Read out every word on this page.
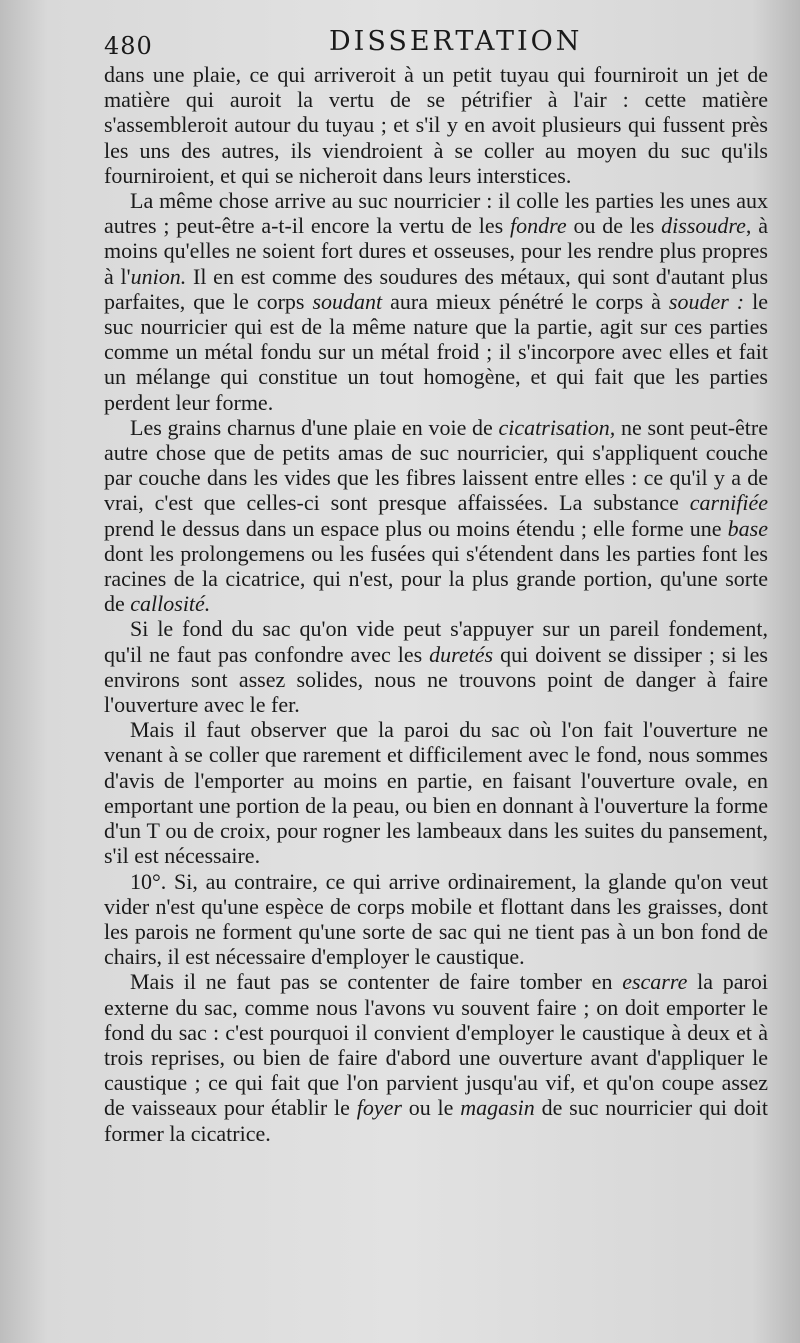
480	DISSERTATION

dans une plaie, ce qui arriveroit à un petit tuyau qui fourniroit un jet de matière qui auroit la vertu de se pétrifier à l'air : cette matière s'assembleroit autour du tuyau ; et s'il y en avoit plusieurs qui fussent près les uns des autres, ils viendroient à se coller au moyen du suc qu'ils fourniroient, et qui se nicheroit dans leurs interstices.

La même chose arrive au suc nourricier : il colle les parties les unes aux autres ; peut-être a-t-il encore la vertu de les fondre ou de les dissoudre, à moins qu'elles ne soient fort dures et osseuses, pour les rendre plus propres à l'union. Il en est comme des soudures des métaux, qui sont d'autant plus parfaites, que le corps soudant aura mieux pénétré le corps à souder : le suc nourricier qui est de la même nature que la partie, agit sur ces parties comme un métal fondu sur un métal froid ; il s'incorpore avec elles et fait un mélange qui constitue un tout homogène, et qui fait que les parties perdent leur forme.

Les grains charnus d'une plaie en voie de cicatrisation, ne sont peut-être autre chose que de petits amas de suc nourricier, qui s'appliquent couche par couche dans les vides que les fibres laissent entre elles : ce qu'il y a de vrai, c'est que celles-ci sont presque affaissées. La substance carnifiée prend le dessus dans un espace plus ou moins étendu ; elle forme une base dont les prolongemens ou les fusées qui s'étendent dans les parties font les racines de la cicatrice, qui n'est, pour la plus grande portion, qu'une sorte de callosité.

Si le fond du sac qu'on vide peut s'appuyer sur un pareil fondement, qu'il ne faut pas confondre avec les duretés qui doivent se dissiper ; si les environs sont assez solides, nous ne trouvons point de danger à faire l'ouverture avec le fer.

Mais il faut observer que la paroi du sac où l'on fait l'ouverture ne venant à se coller que rarement et difficilement avec le fond, nous sommes d'avis de l'emporter au moins en partie, en faisant l'ouverture ovale, en emportant une portion de la peau, ou bien en donnant à l'ouverture la forme d'un T ou de croix, pour rogner les lambeaux dans les suites du pansement, s'il est nécessaire.

10°. Si, au contraire, ce qui arrive ordinairement, la glande qu'on veut vider n'est qu'une espèce de corps mobile et flottant dans les graisses, dont les parois ne forment qu'une sorte de sac qui ne tient pas à un bon fond de chairs, il est nécessaire d'employer le caustique.

Mais il ne faut pas se contenter de faire tomber en escarre la paroi externe du sac, comme nous l'avons vu souvent faire ; on doit emporter le fond du sac : c'est pourquoi il convient d'employer le caustique à deux et à trois reprises, ou bien de faire d'abord une ouverture avant d'appliquer le caustique ; ce qui fait que l'on parvient jusqu'au vif, et qu'on coupe assez de vaisseaux pour établir le foyer ou le magasin de suc nourricier qui doit former la cicatrice.
